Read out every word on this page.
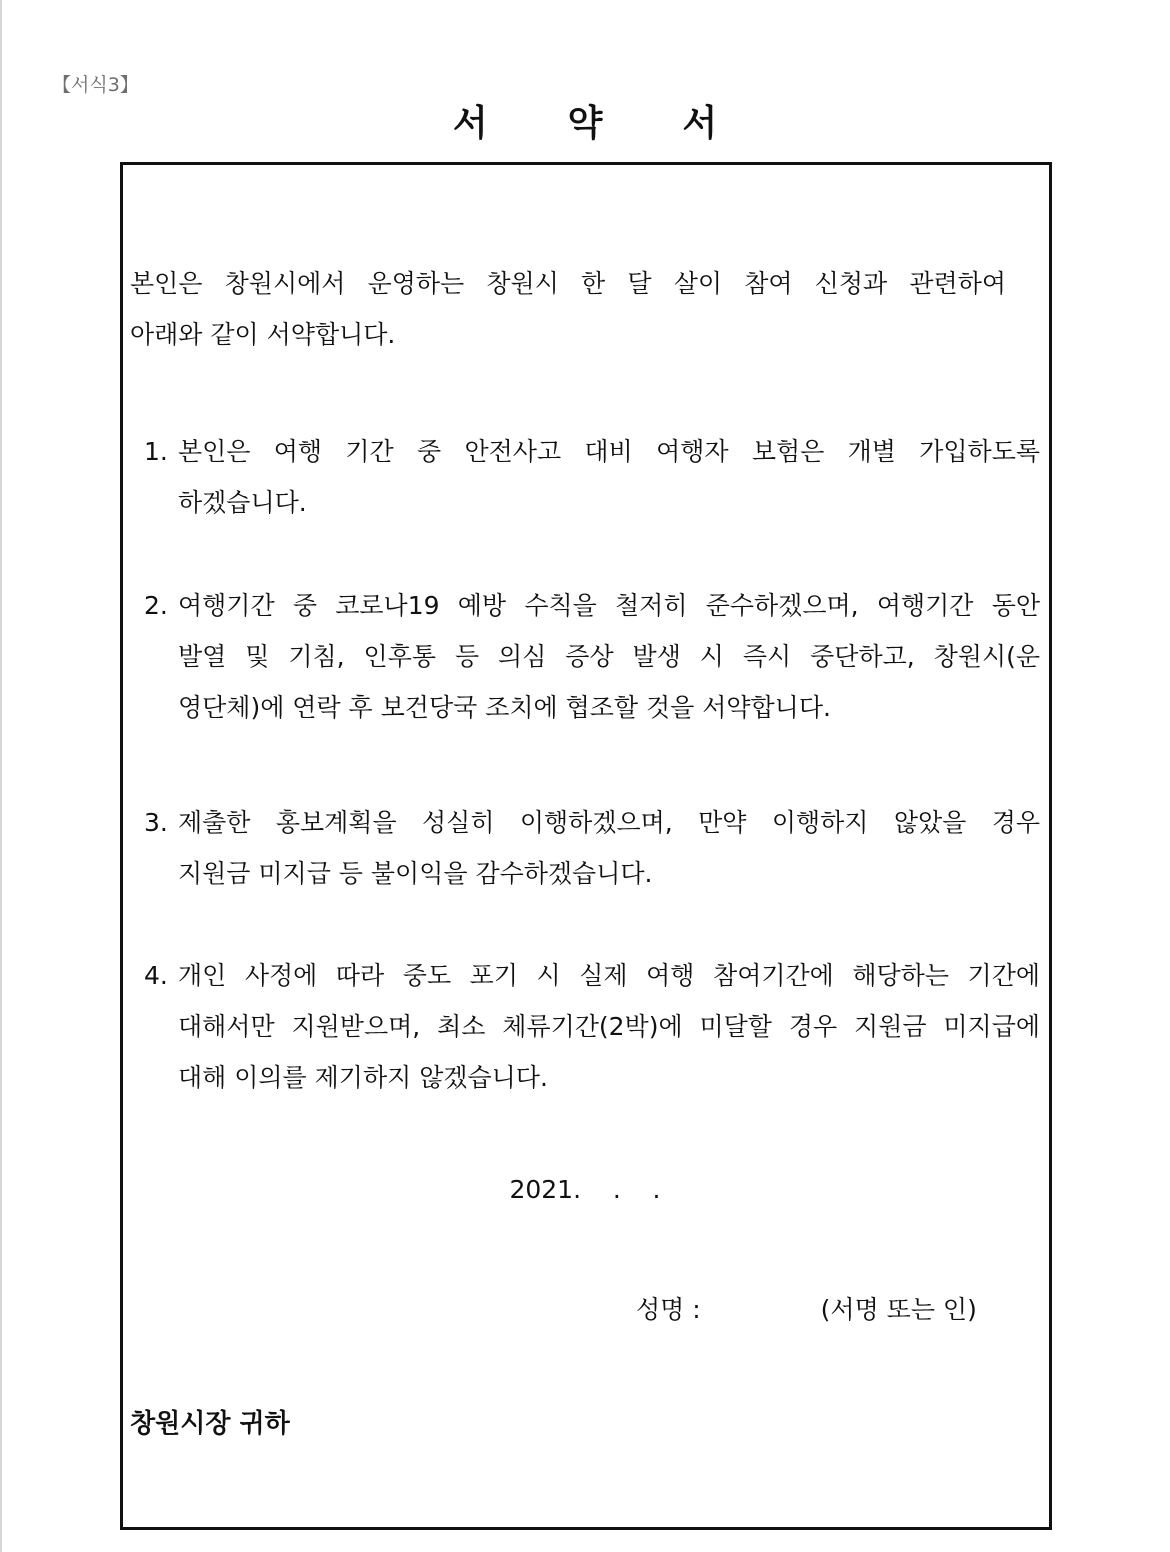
【서식3】
서 약 서
본인은 창원시에서 운영하는 창원시 한 달 살이 참여 신청과 관련하여
아래와 같이 서약합니다.
1. 본인은 여행 기간 중 안전사고 대비 여행자 보험은 개별 가입하도록
하겠습니다.
2. 여행기간 중 코로나19 예방 수칙을 철저히 준수하겠으며, 여행기간 동안
발열 및 기침, 인후통 등 의심 증상 발생 시 즉시 중단하고, 창원시(운
영단체)에 연락 후 보건당국 조치에 협조할 것을 서약합니다.
3. 제출한 홍보계획을 성실히 이행하겠으며, 만약 이행하지 않았을 경우
지원금 미지급 등 불이익을 감수하겠습니다.
4. 개인 사정에 따라 중도 포기 시 실제 여행 참여기간에 해당하는 기간에
대해서만 지원받으며, 최소 체류기간(2박)에 미달할 경우 지원금 미지급에
대해 이의를 제기하지 않겠습니다.
2021.    .    .
성명 :	(서명 또는 인)
창원시장 귀하
